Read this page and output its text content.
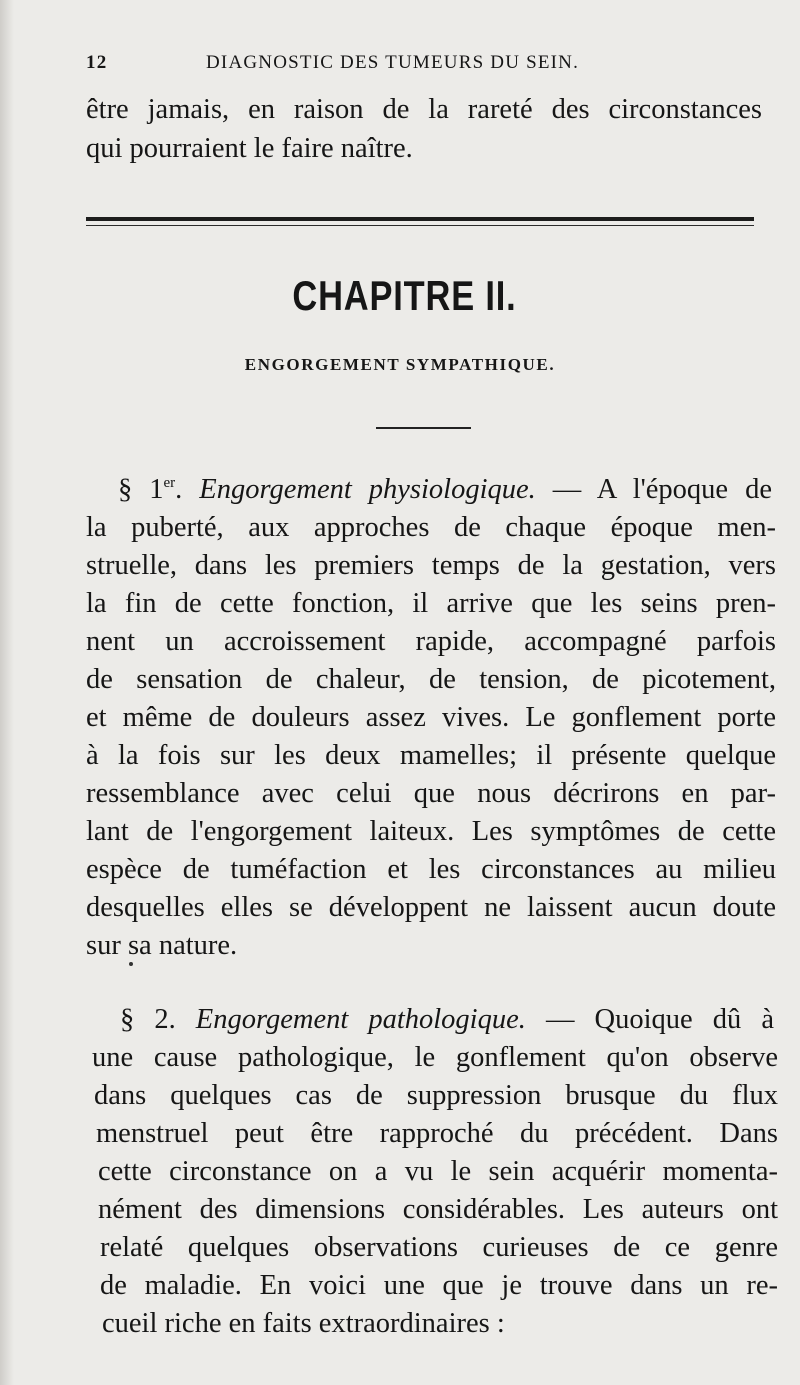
12	DIAGNOSTIC DES TUMEURS DU SEIN.
être jamais, en raison de la rareté des circonstances
qui pourraient le faire naître.
CHAPITRE II.
ENGORGEMENT SYMPATHIQUE.
§ 1er. Engorgement physiologique. — A l'époque de
la puberté, aux approches de chaque époque men-
struelle, dans les premiers temps de la gestation, vers
la fin de cette fonction, il arrive que les seins pren-
nent un accroissement rapide, accompagné parfois
de sensation de chaleur, de tension, de picotement,
et même de douleurs assez vives. Le gonflement porte
à la fois sur les deux mamelles; il présente quelque
ressemblance avec celui que nous décrirons en par-
lant de l'engorgement laiteux. Les symptômes de cette
espèce de tuméfaction et les circonstances au milieu
desquelles elles se développent ne laissent aucun doute
sur sa nature.
§ 2. Engorgement pathologique. — Quoique dû à
une cause pathologique, le gonflement qu'on observe
dans quelques cas de suppression brusque du flux
menstruel peut être rapproché du précédent. Dans
cette circonstance on a vu le sein acquérir momenta-
nément des dimensions considérables. Les auteurs ont
relaté quelques observations curieuses de ce genre
de maladie. En voici une que je trouve dans un re-
cueil riche en faits extraordinaires :
